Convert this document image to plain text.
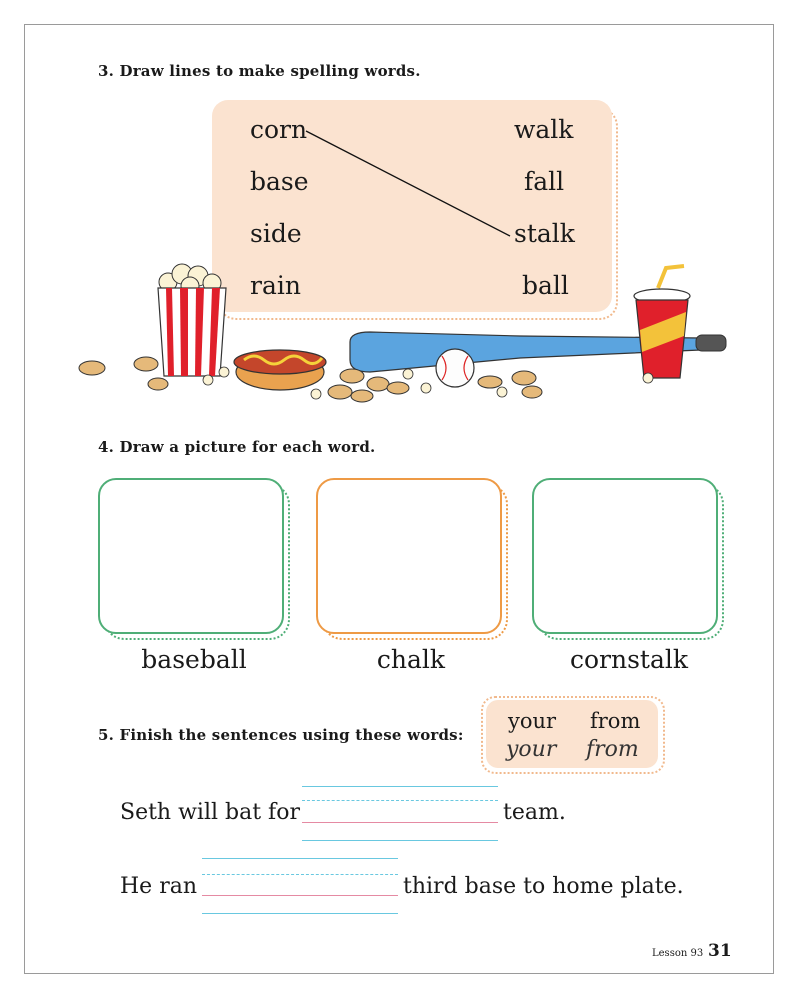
3. Draw lines to make spelling words.
corn
base
side
rain
walk
fall
stalk
ball
4. Draw a picture for each word.
baseball	chalk	cornstalk
5. Finish the sentences using these words:
your from
your from
Seth will bat for	team.
He ran	third base to home plate.
Lesson 93 31
